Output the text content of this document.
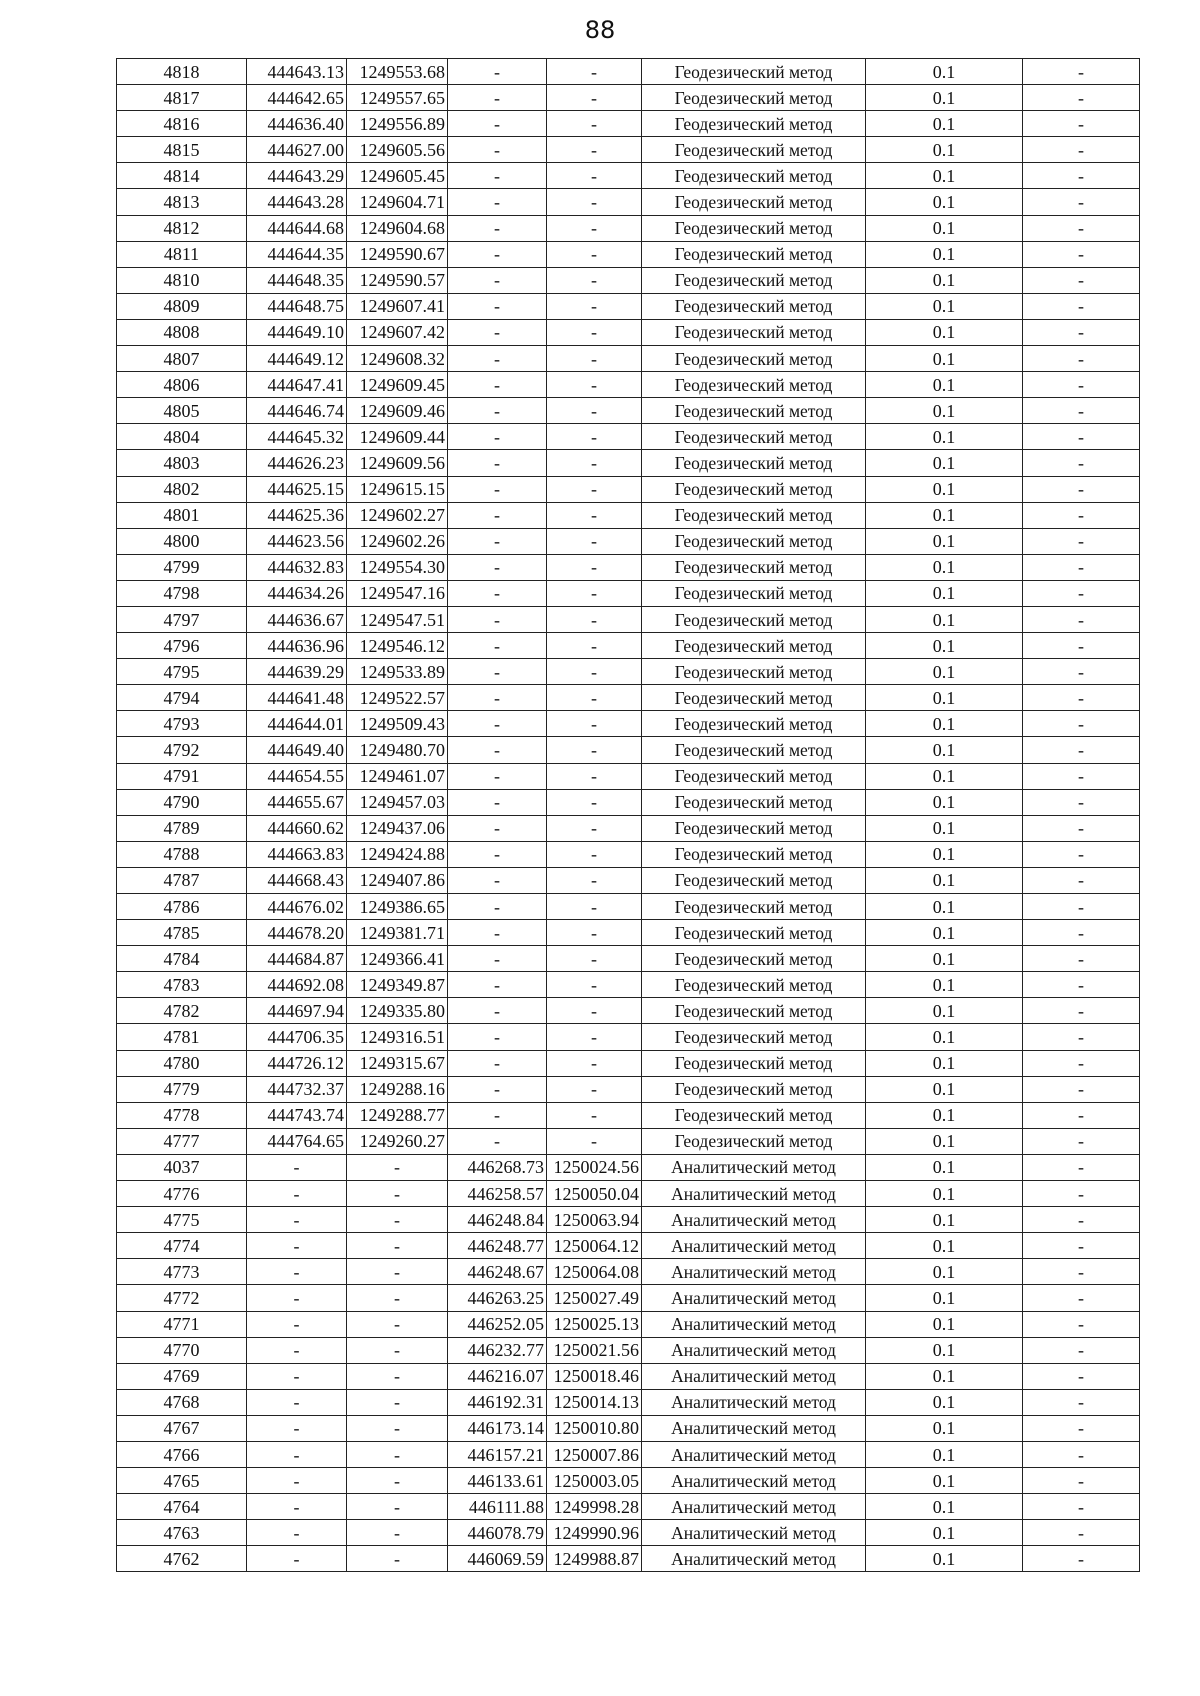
88
4818	444643.13	1249553.68	-	-	Геодезический метод	0.1	-
4817	444642.65	1249557.65	-	-	Геодезический метод	0.1	-
4816	444636.40	1249556.89	-	-	Геодезический метод	0.1	-
4815	444627.00	1249605.56	-	-	Геодезический метод	0.1	-
4814	444643.29	1249605.45	-	-	Геодезический метод	0.1	-
4813	444643.28	1249604.71	-	-	Геодезический метод	0.1	-
4812	444644.68	1249604.68	-	-	Геодезический метод	0.1	-
4811	444644.35	1249590.67	-	-	Геодезический метод	0.1	-
4810	444648.35	1249590.57	-	-	Геодезический метод	0.1	-
4809	444648.75	1249607.41	-	-	Геодезический метод	0.1	-
4808	444649.10	1249607.42	-	-	Геодезический метод	0.1	-
4807	444649.12	1249608.32	-	-	Геодезический метод	0.1	-
4806	444647.41	1249609.45	-	-	Геодезический метод	0.1	-
4805	444646.74	1249609.46	-	-	Геодезический метод	0.1	-
4804	444645.32	1249609.44	-	-	Геодезический метод	0.1	-
4803	444626.23	1249609.56	-	-	Геодезический метод	0.1	-
4802	444625.15	1249615.15	-	-	Геодезический метод	0.1	-
4801	444625.36	1249602.27	-	-	Геодезический метод	0.1	-
4800	444623.56	1249602.26	-	-	Геодезический метод	0.1	-
4799	444632.83	1249554.30	-	-	Геодезический метод	0.1	-
4798	444634.26	1249547.16	-	-	Геодезический метод	0.1	-
4797	444636.67	1249547.51	-	-	Геодезический метод	0.1	-
4796	444636.96	1249546.12	-	-	Геодезический метод	0.1	-
4795	444639.29	1249533.89	-	-	Геодезический метод	0.1	-
4794	444641.48	1249522.57	-	-	Геодезический метод	0.1	-
4793	444644.01	1249509.43	-	-	Геодезический метод	0.1	-
4792	444649.40	1249480.70	-	-	Геодезический метод	0.1	-
4791	444654.55	1249461.07	-	-	Геодезический метод	0.1	-
4790	444655.67	1249457.03	-	-	Геодезический метод	0.1	-
4789	444660.62	1249437.06	-	-	Геодезический метод	0.1	-
4788	444663.83	1249424.88	-	-	Геодезический метод	0.1	-
4787	444668.43	1249407.86	-	-	Геодезический метод	0.1	-
4786	444676.02	1249386.65	-	-	Геодезический метод	0.1	-
4785	444678.20	1249381.71	-	-	Геодезический метод	0.1	-
4784	444684.87	1249366.41	-	-	Геодезический метод	0.1	-
4783	444692.08	1249349.87	-	-	Геодезический метод	0.1	-
4782	444697.94	1249335.80	-	-	Геодезический метод	0.1	-
4781	444706.35	1249316.51	-	-	Геодезический метод	0.1	-
4780	444726.12	1249315.67	-	-	Геодезический метод	0.1	-
4779	444732.37	1249288.16	-	-	Геодезический метод	0.1	-
4778	444743.74	1249288.77	-	-	Геодезический метод	0.1	-
4777	444764.65	1249260.27	-	-	Геодезический метод	0.1	-
4037	-	-	446268.73	1250024.56	Аналитический метод	0.1	-
4776	-	-	446258.57	1250050.04	Аналитический метод	0.1	-
4775	-	-	446248.84	1250063.94	Аналитический метод	0.1	-
4774	-	-	446248.77	1250064.12	Аналитический метод	0.1	-
4773	-	-	446248.67	1250064.08	Аналитический метод	0.1	-
4772	-	-	446263.25	1250027.49	Аналитический метод	0.1	-
4771	-	-	446252.05	1250025.13	Аналитический метод	0.1	-
4770	-	-	446232.77	1250021.56	Аналитический метод	0.1	-
4769	-	-	446216.07	1250018.46	Аналитический метод	0.1	-
4768	-	-	446192.31	1250014.13	Аналитический метод	0.1	-
4767	-	-	446173.14	1250010.80	Аналитический метод	0.1	-
4766	-	-	446157.21	1250007.86	Аналитический метод	0.1	-
4765	-	-	446133.61	1250003.05	Аналитический метод	0.1	-
4764	-	-	446111.88	1249998.28	Аналитический метод	0.1	-
4763	-	-	446078.79	1249990.96	Аналитический метод	0.1	-
4762	-	-	446069.59	1249988.87	Аналитический метод	0.1	-
